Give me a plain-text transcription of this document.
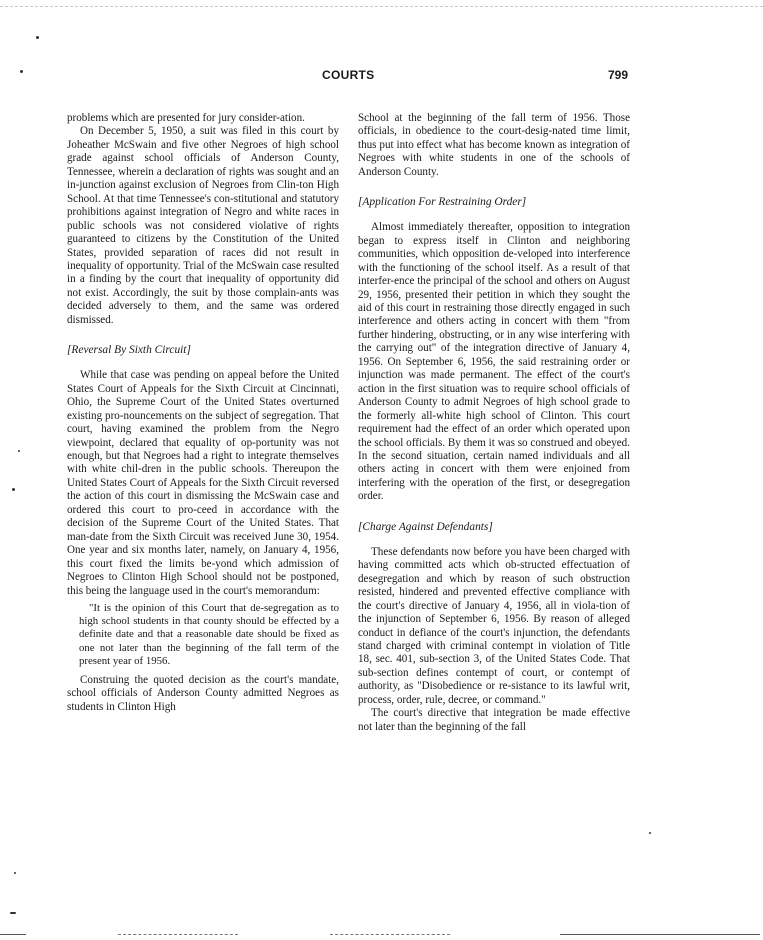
COURTS	799

problems which are presented for jury consider-ation.

On December 5, 1950, a suit was filed in this court by Joheather McSwain and five other Negroes of high school grade against school officials of Anderson County, Tennessee, wherein a declaration of rights was sought and an in-junction against exclusion of Negroes from Clin-ton High School. At that time Tennessee's con-stitutional and statutory prohibitions against integration of Negro and white races in public schools was not considered violative of rights guaranteed to citizens by the Constitution of the United States, provided separation of races did not result in inequality of opportunity. Trial of the McSwain case resulted in a finding by the court that inequality of opportunity did not exist. Accordingly, the suit by those complain-ants was decided adversely to them, and the same was ordered dismissed.

[Reversal By Sixth Circuit]

While that case was pending on appeal before the United States Court of Appeals for the Sixth Circuit at Cincinnati, Ohio, the Supreme Court of the United States overturned existing pro-nouncements on the subject of segregation. That court, having examined the problem from the Negro viewpoint, declared that equality of op-portunity was not enough, but that Negroes had a right to integrate themselves with white chil-dren in the public schools. Thereupon the United States Court of Appeals for the Sixth Circuit reversed the action of this court in dismissing the McSwain case and ordered this court to pro-ceed in accordance with the decision of the Supreme Court of the United States. That man-date from the Sixth Circuit was received June 30, 1954. One year and six months later, namely, on January 4, 1956, this court fixed the limits be-yond which admission of Negroes to Clinton High School should not be postponed, this being the language used in the court's memorandum:

"It is the opinion of this Court that de-segregation as to high school students in that county should be effected by a definite date and that a reasonable date should be fixed as one not later than the beginning of the fall term of the present year of 1956.

Construing the quoted decision as the court's mandate, school officials of Anderson County admitted Negroes as students in Clinton High

School at the beginning of the fall term of 1956. Those officials, in obedience to the court-desig-nated time limit, thus put into effect what has become known as integration of Negroes with white students in one of the schools of Anderson County.

[Application For Restraining Order]

Almost immediately thereafter, opposition to integration began to express itself in Clinton and neighboring communities, which opposition de-veloped into interference with the functioning of the school itself. As a result of that interfer-ence the principal of the school and others on August 29, 1956, presented their petition in which they sought the aid of this court in restraining those directly engaged in such interference and others acting in concert with them "from further hindering, obstructing, or in any wise interfering with the carrying out" of the integration directive of January 4, 1956. On September 6, 1956, the said restraining order or injunction was made permanent. The effect of the court's action in the first situation was to require school officials of Anderson County to admit Negroes of high school grade to the formerly all-white high school of Clinton. This court requirement had the effect of an order which operated upon the school officials. By them it was so construed and obeyed. In the second situation, certain named individuals and all others acting in concert with them were enjoined from interfering with the operation of the first, or desegregation order.

[Charge Against Defendants]

These defendants now before you have been charged with having committed acts which ob-structed effectuation of desegregation and which by reason of such obstruction resisted, hindered and prevented effective compliance with the court's directive of January 4, 1956, all in viola-tion of the injunction of September 6, 1956. By reason of alleged conduct in defiance of the court's injunction, the defendants stand charged with criminal contempt in violation of Title 18, sec. 401, sub-section 3, of the United States Code. That sub-section defines contempt of court, or contempt of authority, as "Disobedience or re-sistance to its lawful writ, process, order, rule, decree, or command."

The court's directive that integration be made effective not later than the beginning of the fall
